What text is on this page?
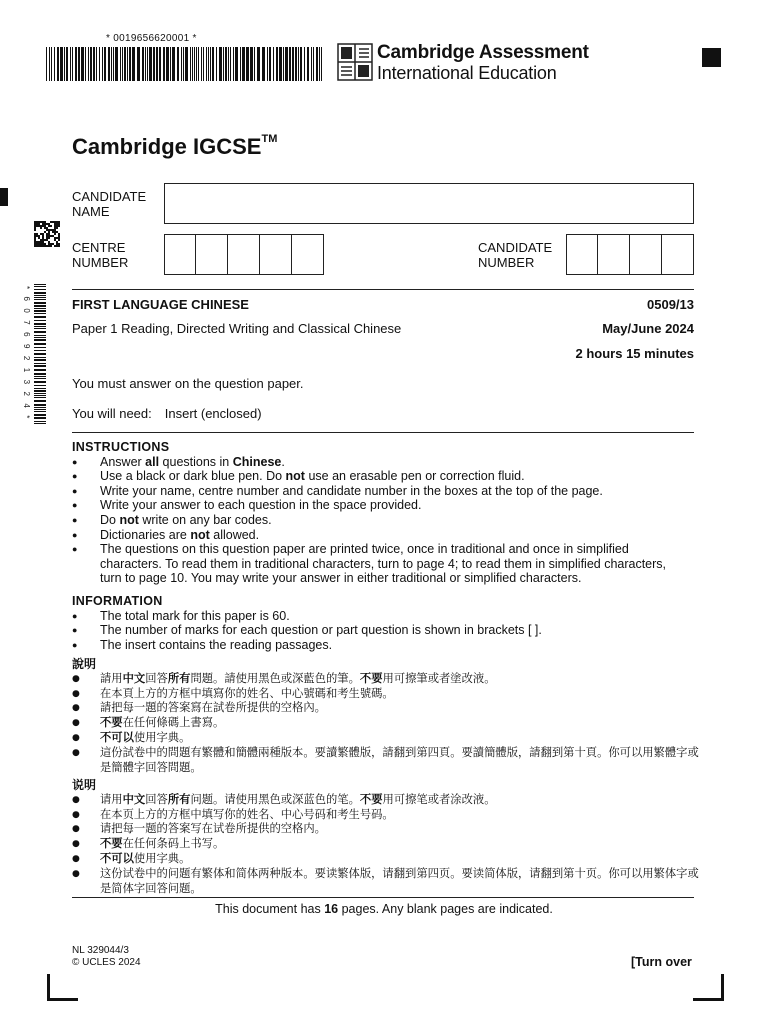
* 0019656620001 *
Cambridge Assessment
International Education
* 6 0 7 6 9 2 1 3 2 4 *
Cambridge IGCSE™
CANDIDATE
NAME
CENTRE
NUMBER
CANDIDATE
NUMBER
FIRST LANGUAGE CHINESE	0509/13
Paper 1 Reading, Directed Writing and Classical Chinese	May/June 2024
2 hours 15 minutes
You must answer on the question paper.
You will need: Insert (enclosed)
INSTRUCTIONS
● Answer all questions in Chinese.
● Use a black or dark blue pen. Do not use an erasable pen or correction fluid.
● Write your name, centre number and candidate number in the boxes at the top of the page.
● Write your answer to each question in the space provided.
● Do not write on any bar codes.
● Dictionaries are not allowed.
● The questions on this question paper are printed twice, once in traditional and once in simplified characters. To read them in traditional characters, turn to page 4; to read them in simplified characters, turn to page 10. You may write your answer in either traditional or simplified characters.
INFORMATION
● The total mark for this paper is 60.
● The number of marks for each question or part question is shown in brackets [ ].
● The insert contains the reading passages.
說明
● 請用中文回答所有問題。請使用黑色或深藍色的筆。不要用可擦筆或者塗改液。
● 在本頁上方的方框中填寫你的姓名、中心號碼和考生號碼。
● 請把每一題的答案寫在試卷所提供的空格內。
● 不要在任何條碼上書寫。
● 不可以使用字典。
● 這份試卷中的問題有繁體和簡體兩種版本。要讀繁體版，請翻到第四頁。要讀簡體版，請翻到第十頁。你可以用繁體字或是簡體字回答問題。
说明
● 请用中文回答所有问题。请使用黑色或深蓝色的笔。不要用可擦笔或者涂改液。
● 在本页上方的方框中填写你的姓名、中心号码和考生号码。
● 请把每一题的答案写在试卷所提供的空格内。
● 不要在任何条码上书写。
● 不可以使用字典。
● 这份试卷中的问题有繁体和简体两种版本。要读繁体版，请翻到第四页。要读简体版，请翻到第十页。你可以用繁体字或是简体字回答问题。
This document has 16 pages. Any blank pages are indicated.
NL 329044/3
© UCLES 2024	[Turn over
